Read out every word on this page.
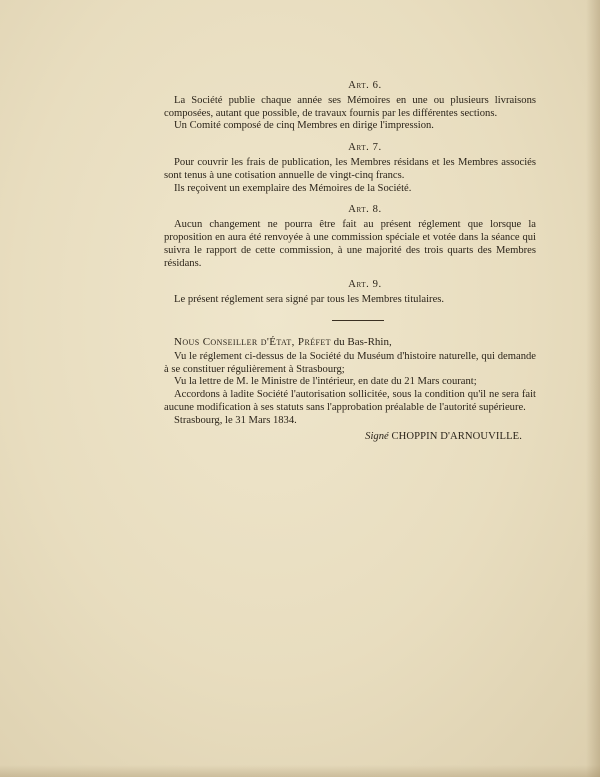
Art. 6.

La Société publie chaque année ses Mémoires en une ou plusieurs livraisons composées, autant que possible, de travaux fournis par les différentes sections.

Un Comité composé de cinq Membres en dirige l'impression.

Art. 7.

Pour couvrir les frais de publication, les Membres résidans et les Membres associés sont tenus à une cotisation annuelle de vingt-cinq francs.

Ils reçoivent un exemplaire des Mémoires de la Société.

Art. 8.

Aucun changement ne pourra être fait au présent réglement que lorsque la proposition en aura été renvoyée à une commission spéciale et votée dans la séance qui suivra le rapport de cette commission, à une majorité des trois quarts des Membres résidans.

Art. 9.

Le présent réglement sera signé par tous les Membres titulaires.

Nous Conseiller d'État, Préfet du Bas-Rhin,

Vu le réglement ci-dessus de la Société du Muséum d'histoire naturelle, qui demande à se constituer régulièrement à Strasbourg;

Vu la lettre de M. le Ministre de l'intérieur, en date du 21 Mars courant;

Accordons à ladite Société l'autorisation sollicitée, sous la condition qu'il ne sera fait aucune modification à ses statuts sans l'approbation préalable de l'autorité supérieure.

Strasbourg, le 31 Mars 1834.

Signé CHOPPIN D'ARNOUVILLE.
